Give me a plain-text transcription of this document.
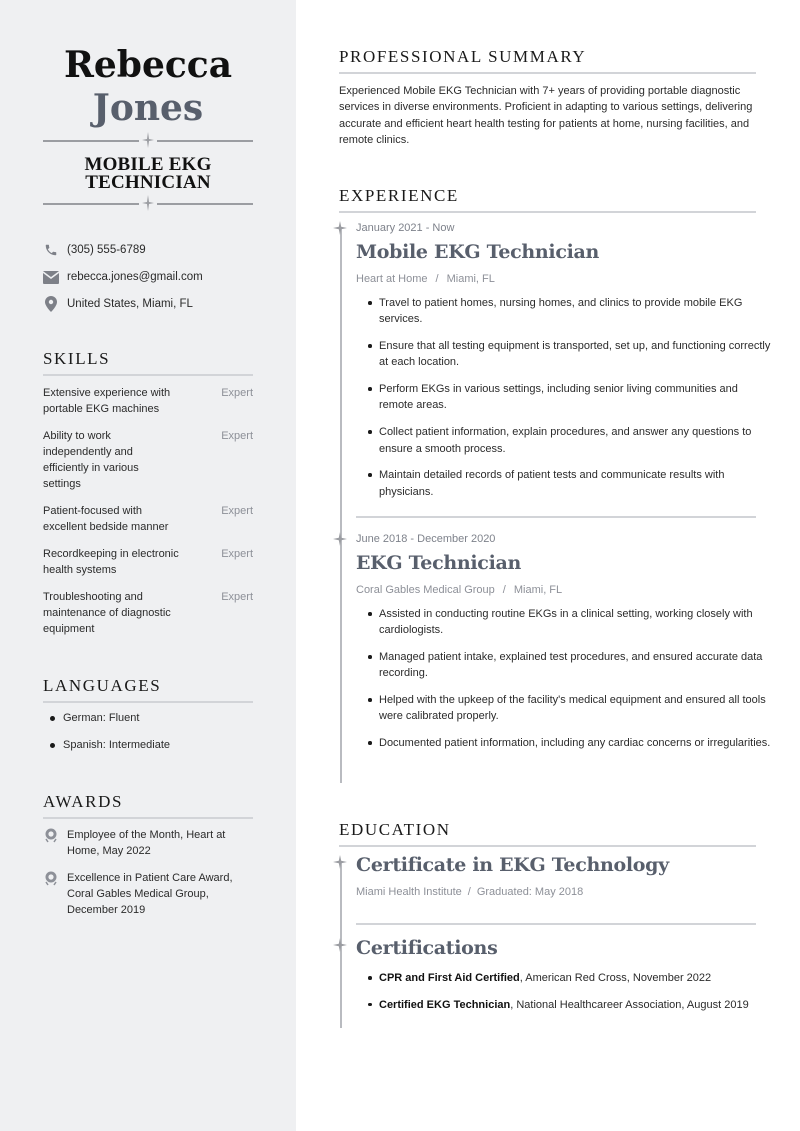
Rebecca
Jones
MOBILE EKG
TECHNICIAN
(305) 555-6789
rebecca.jones@gmail.com
United States, Miami, FL
SKILLS
Extensive experience with portable EKG machines
Expert
Ability to work independently and efficiently in various settings
Expert
Patient-focused with excellent bedside manner
Expert
Recordkeeping in electronic health systems
Expert
Troubleshooting and maintenance of diagnostic equipment
Expert
LANGUAGES
German: Fluent
Spanish: Intermediate
AWARDS
Employee of the Month, Heart at Home, May 2022
Excellence in Patient Care Award, Coral Gables Medical Group, December 2019
PROFESSIONAL SUMMARY

Experienced Mobile EKG Technician with 7+ years of providing portable diagnostic services in diverse environments. Proficient in adapting to various settings, delivering accurate and efficient heart health testing for patients at home, nursing facilities, and remote clinics.

EXPERIENCE
January 2021 - Now
Mobile EKG Technician
Heart at Home / Miami, FL
Travel to patient homes, nursing homes, and clinics to provide mobile EKG services.
Ensure that all testing equipment is transported, set up, and functioning correctly at each location.
Perform EKGs in various settings, including senior living communities and remote areas.
Collect patient information, explain procedures, and answer any questions to ensure a smooth process.
Maintain detailed records of patient tests and communicate results with physicians.
June 2018 - December 2020
EKG Technician
Coral Gables Medical Group / Miami, FL
Assisted in conducting routine EKGs in a clinical setting, working closely with cardiologists.
Managed patient intake, explained test procedures, and ensured accurate data recording.
Helped with the upkeep of the facility's medical equipment and ensured all tools were calibrated properly.
Documented patient information, including any cardiac concerns or irregularities.
EDUCATION
Certificate in EKG Technology
Miami Health Institute / Graduated: May 2018
Certifications
CPR and First Aid Certified, American Red Cross, November 2022
Certified EKG Technician, National Healthcareer Association, August 2019
